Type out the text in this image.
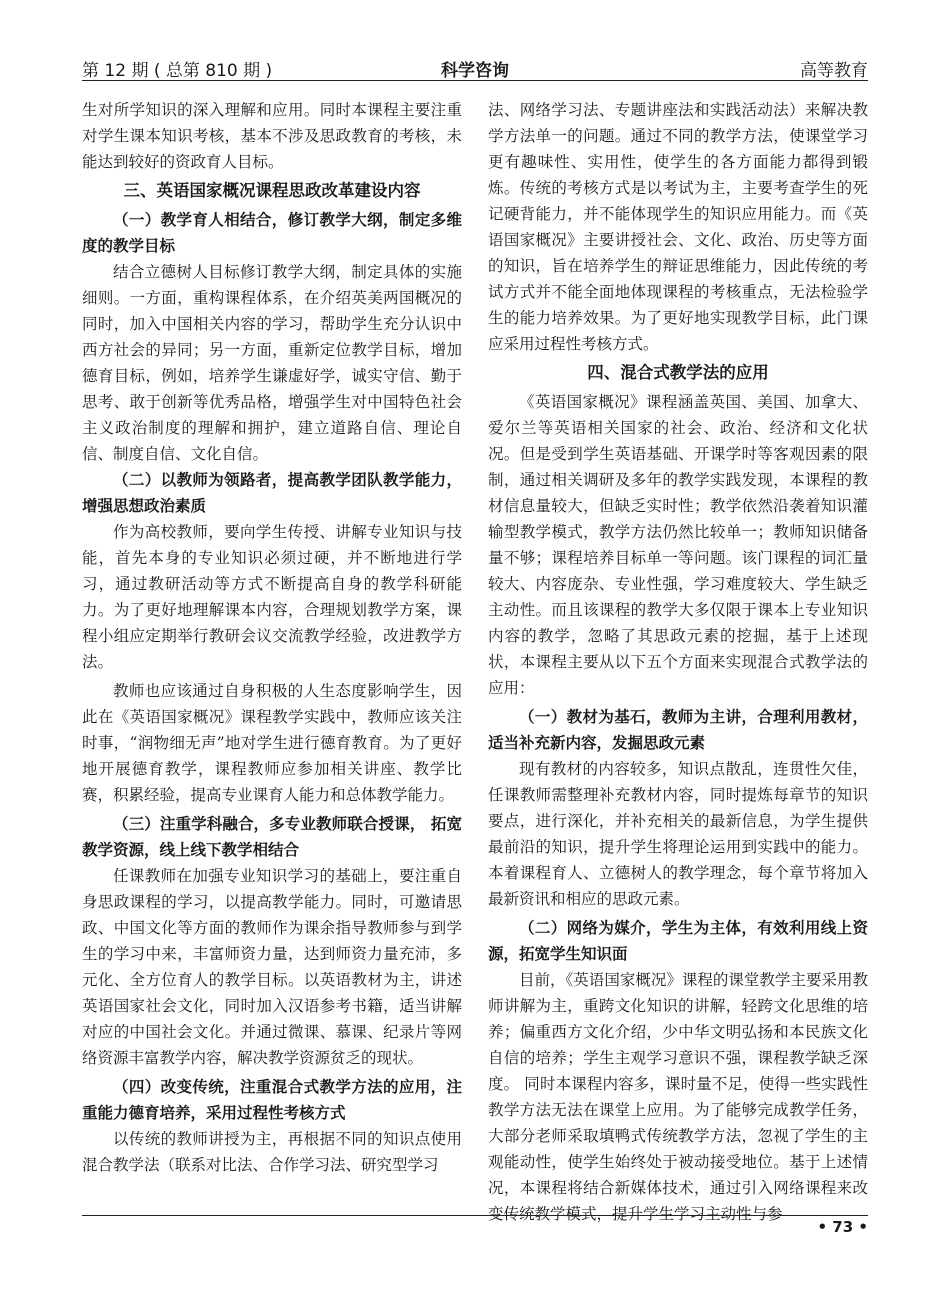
第 12 期 ( 总第 810 期 )	科学咨询	高等教育

生对所学知识的深入理解和应用。同时本课程主要注重对学生课本知识考核，基本不涉及思政教育的考核，未能达到较好的资政育人目标。

三、英语国家概况课程思政改革建设内容

（一）教学育人相结合，修订教学大纲，制定多维度的教学目标

结合立德树人目标修订教学大纲，制定具体的实施细则。一方面，重构课程体系，在介绍英美两国概况的同时，加入中国相关内容的学习，帮助学生充分认识中西方社会的异同；另一方面，重新定位教学目标，增加德育目标，例如，培养学生谦虚好学，诚实守信、勤于思考、敢于创新等优秀品格，增强学生对中国特色社会主义政治制度的理解和拥护，建立道路自信、理论自信、制度自信、文化自信。

（二）以教师为领路者，提高教学团队教学能力，增强思想政治素质

作为高校教师，要向学生传授、讲解专业知识与技能，首先本身的专业知识必须过硬，并不断地进行学习，通过教研活动等方式不断提高自身的教学科研能力。为了更好地理解课本内容，合理规划教学方案，课程小组应定期举行教研会议交流教学经验，改进教学方法。

教师也应该通过自身积极的人生态度影响学生，因此在《英语国家概况》课程教学实践中，教师应该关注时事，“润物细无声”地对学生进行德育教育。为了更好地开展德育教学，课程教师应参加相关讲座、教学比赛，积累经验，提高专业课育人能力和总体教学能力。

（三）注重学科融合，多专业教师联合授课， 拓宽教学资源，线上线下教学相结合

任课教师在加强专业知识学习的基础上，要注重自身思政课程的学习，以提高教学能力。同时，可邀请思政、中国文化等方面的教师作为课余指导教师参与到学生的学习中来，丰富师资力量，达到师资力量充沛，多元化、全方位育人的教学目标。以英语教材为主，讲述英语国家社会文化，同时加入汉语参考书籍，适当讲解对应的中国社会文化。并通过微课、慕课、纪录片等网络资源丰富教学内容，解决教学资源贫乏的现状。

（四）改变传统，注重混合式教学方法的应用，注重能力德育培养，采用过程性考核方式

以传统的教师讲授为主，再根据不同的知识点使用混合教学法（联系对比法、合作学习法、研究型学习

法、网络学习法、专题讲座法和实践活动法）来解决教学方法单一的问题。通过不同的教学方法，使课堂学习更有趣味性、实用性，使学生的各方面能力都得到锻炼。传统的考核方式是以考试为主，主要考查学生的死记硬背能力，并不能体现学生的知识应用能力。而《英语国家概况》主要讲授社会、文化、政治、历史等方面的知识，旨在培养学生的辩证思维能力，因此传统的考试方式并不能全面地体现课程的考核重点，无法检验学生的能力培养效果。为了更好地实现教学目标，此门课应采用过程性考核方式。

四、混合式教学法的应用

《英语国家概况》课程涵盖英国、美国、加拿大、爱尔兰等英语相关国家的社会、政治、经济和文化状况。但是受到学生英语基础、开课学时等客观因素的限制，通过相关调研及多年的教学实践发现，本课程的教材信息量较大，但缺乏实时性；教学依然沿袭着知识灌输型教学模式，教学方法仍然比较单一；教师知识储备量不够；课程培养目标单一等问题。该门课程的词汇量较大、内容庞杂、专业性强，学习难度较大、学生缺乏主动性。而且该课程的教学大多仅限于课本上专业知识内容的教学，忽略了其思政元素的挖掘，基于上述现状，本课程主要从以下五个方面来实现混合式教学法的应用：

（一）教材为基石，教师为主讲，合理利用教材，适当补充新内容，发掘思政元素

现有教材的内容较多，知识点散乱，连贯性欠佳，任课教师需整理补充教材内容，同时提炼每章节的知识要点，进行深化，并补充相关的最新信息，为学生提供最前沿的知识，提升学生将理论运用到实践中的能力。本着课程育人、立德树人的教学理念，每个章节将加入最新资讯和相应的思政元素。

（二）网络为媒介，学生为主体，有效利用线上资源，拓宽学生知识面

目前，《英语国家概况》课程的课堂教学主要采用教师讲解为主，重跨文化知识的讲解，轻跨文化思维的培养；偏重西方文化介绍，少中华文明弘扬和本民族文化自信的培养；学生主观学习意识不强，课程教学缺乏深度。 同时本课程内容多，课时量不足，使得一些实践性教学方法无法在课堂上应用。为了能够完成教学任务，大部分老师采取填鸭式传统教学方法，忽视了学生的主观能动性，使学生始终处于被动接受地位。基于上述情况，本课程将结合新媒体技术，通过引入网络课程来改变传统教学模式，提升学生学习主动性与参

• 73 •
